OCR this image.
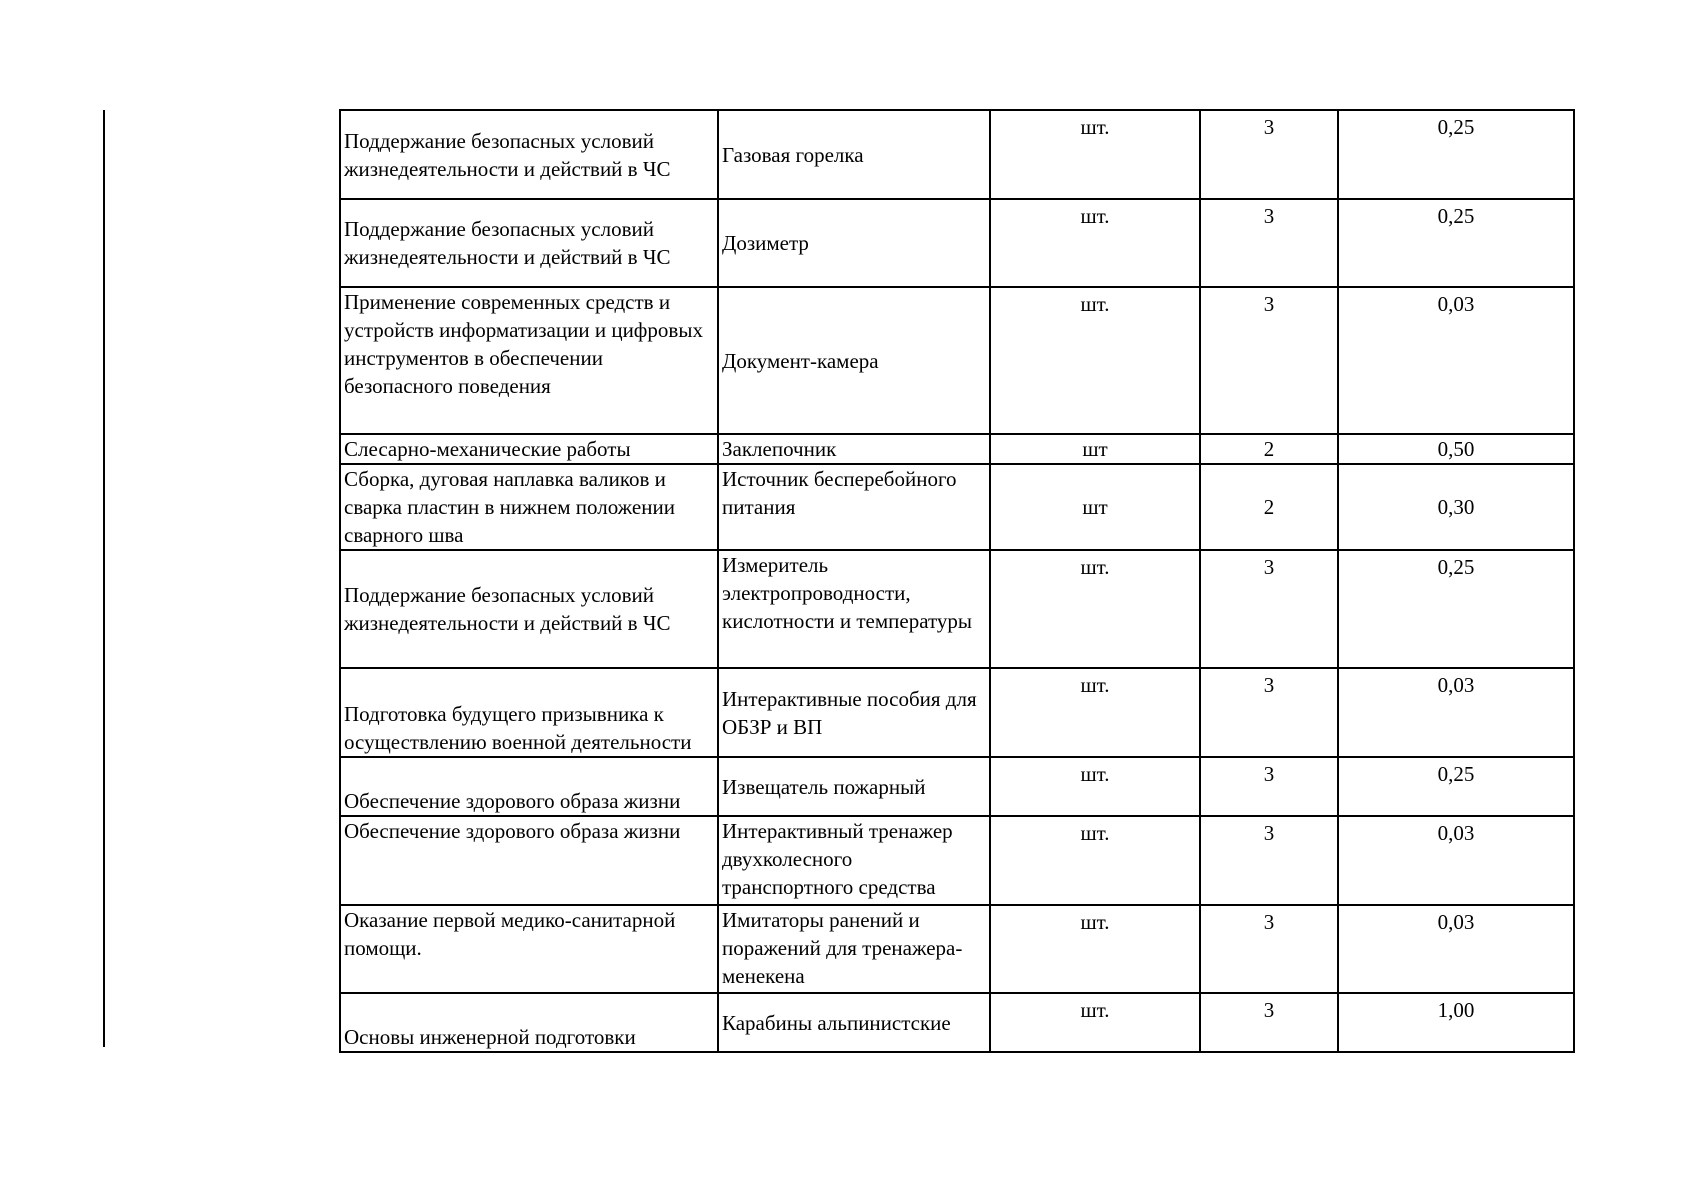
Поддержание безопасных условий жизнедеятельности и действий в ЧС	Газовая горелка	шт.	3	0,25
Поддержание безопасных условий жизнедеятельности и действий в ЧС	Дозиметр	шт.	3	0,25
Применение современных средств и устройств информатизации и цифровых инструментов в обеспечении безопасного поведения	Документ-камера	шт.	3	0,03
Слесарно-механические работы	Заклепочник	шт	2	0,50
Сборка, дуговая наплавка валиков и сварка пластин в нижнем положении сварного шва	Источник бесперебойного питания	шт	2	0,30
Поддержание безопасных условий жизнедеятельности и действий в ЧС	Измеритель электропроводности, кислотности и температуры	шт.	3	0,25
Подготовка будущего призывника к осуществлению военной деятельности	Интерактивные пособия для ОБЗР и ВП	шт.	3	0,03
Обеспечение здорового образа жизни	Извещатель пожарный	шт.	3	0,25
Обеспечение здорового образа жизни	Интерактивный тренажер двухколесного транспортного средства	шт.	3	0,03
Оказание первой медико-санитарной помощи.	Имитаторы ранений и поражений для тренажера-менекена	шт.	3	0,03
Основы инженерной подготовки	Карабины альпинистские	шт.	3	1,00
